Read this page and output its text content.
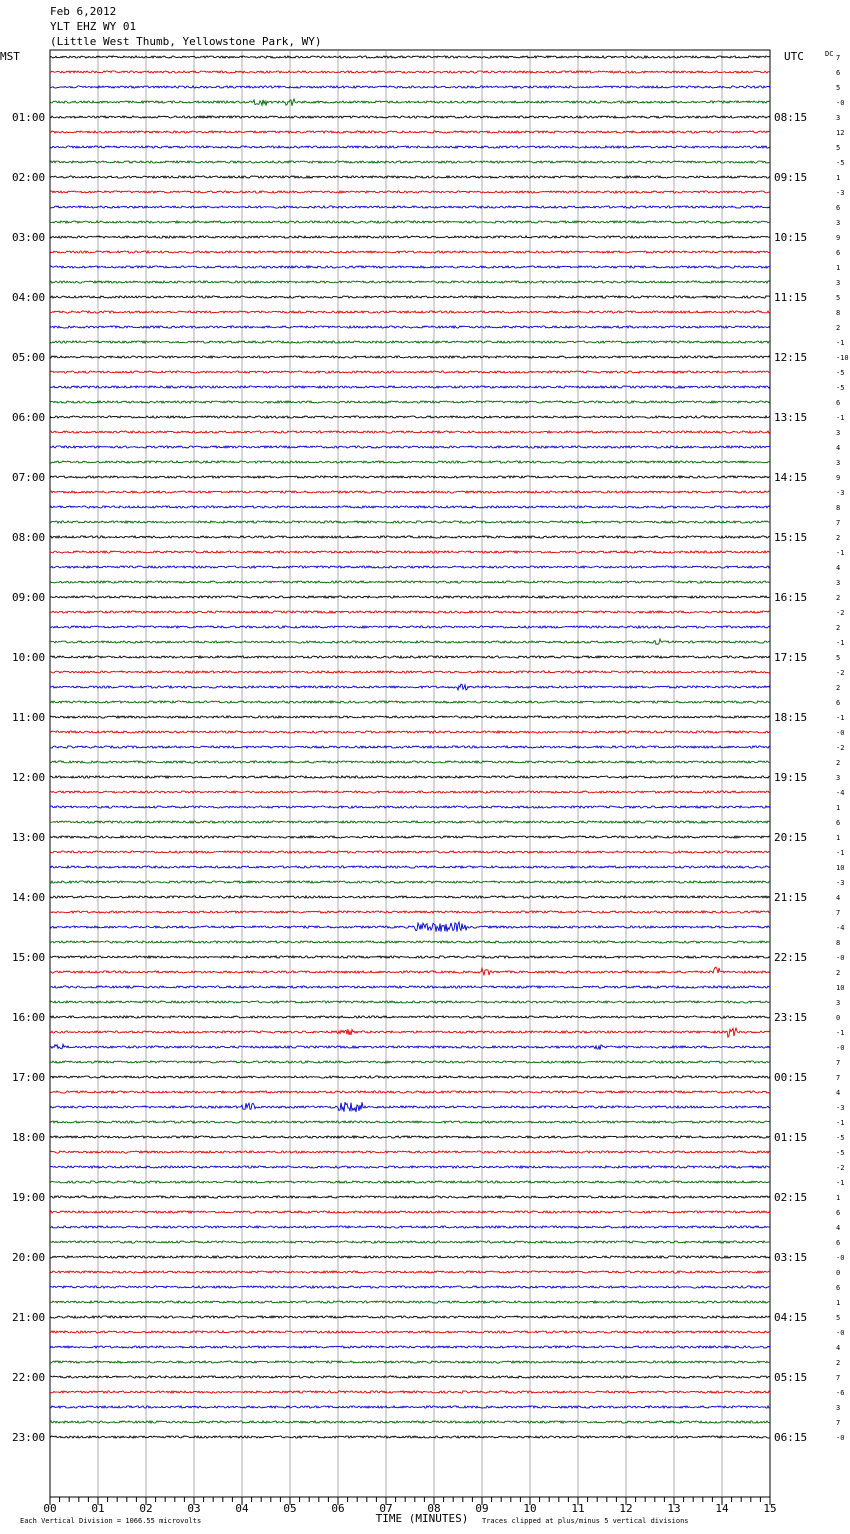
Feb 6,2012
YLT EHZ WY 01
(Little West Thumb, Yellowstone Park, WY)
MST	UTC	DC
TIME (MINUTES)
Each Vertical Division = 1066.55 microvolts	Traces clipped at plus/minus 5 vertical divisions
00	01	02	03	04	05	06	07	08	09	10	11	12	13	14	15
01:00
02:00
03:00
04:00
05:00
06:00
07:00
08:00
09:00
10:00
11:00
12:00
13:00
14:00
15:00
16:00
17:00
18:00
19:00
20:00
21:00
22:00
23:00
08:15
09:15
10:15
11:15
12:15
13:15
14:15
15:15
16:15
17:15
18:15
19:15
20:15
21:15
22:15
23:15
00:15
01:15
02:15
03:15
04:15
05:15
06:15
7
6
5
-0
3
12
5
-5
1
-3
6
3
9
6
1
3
5
8
2
-1
-10
-5
-5
6
-1
3
4
3
9
-3
8
7
2
-1
4
3
2
-2
2
-1
5
-2
2
6
-1
-0
-2
2
3
-4
1
6
1
-1
10
-3
4
7
-4
8
-0
2
10
3
0
-1
-0
7
7
4
-3
-1
-5
-5
-2
-1
1
6
4
6
-0
0
6
1
5
-0
4
2
7
-6
3
7
-0
